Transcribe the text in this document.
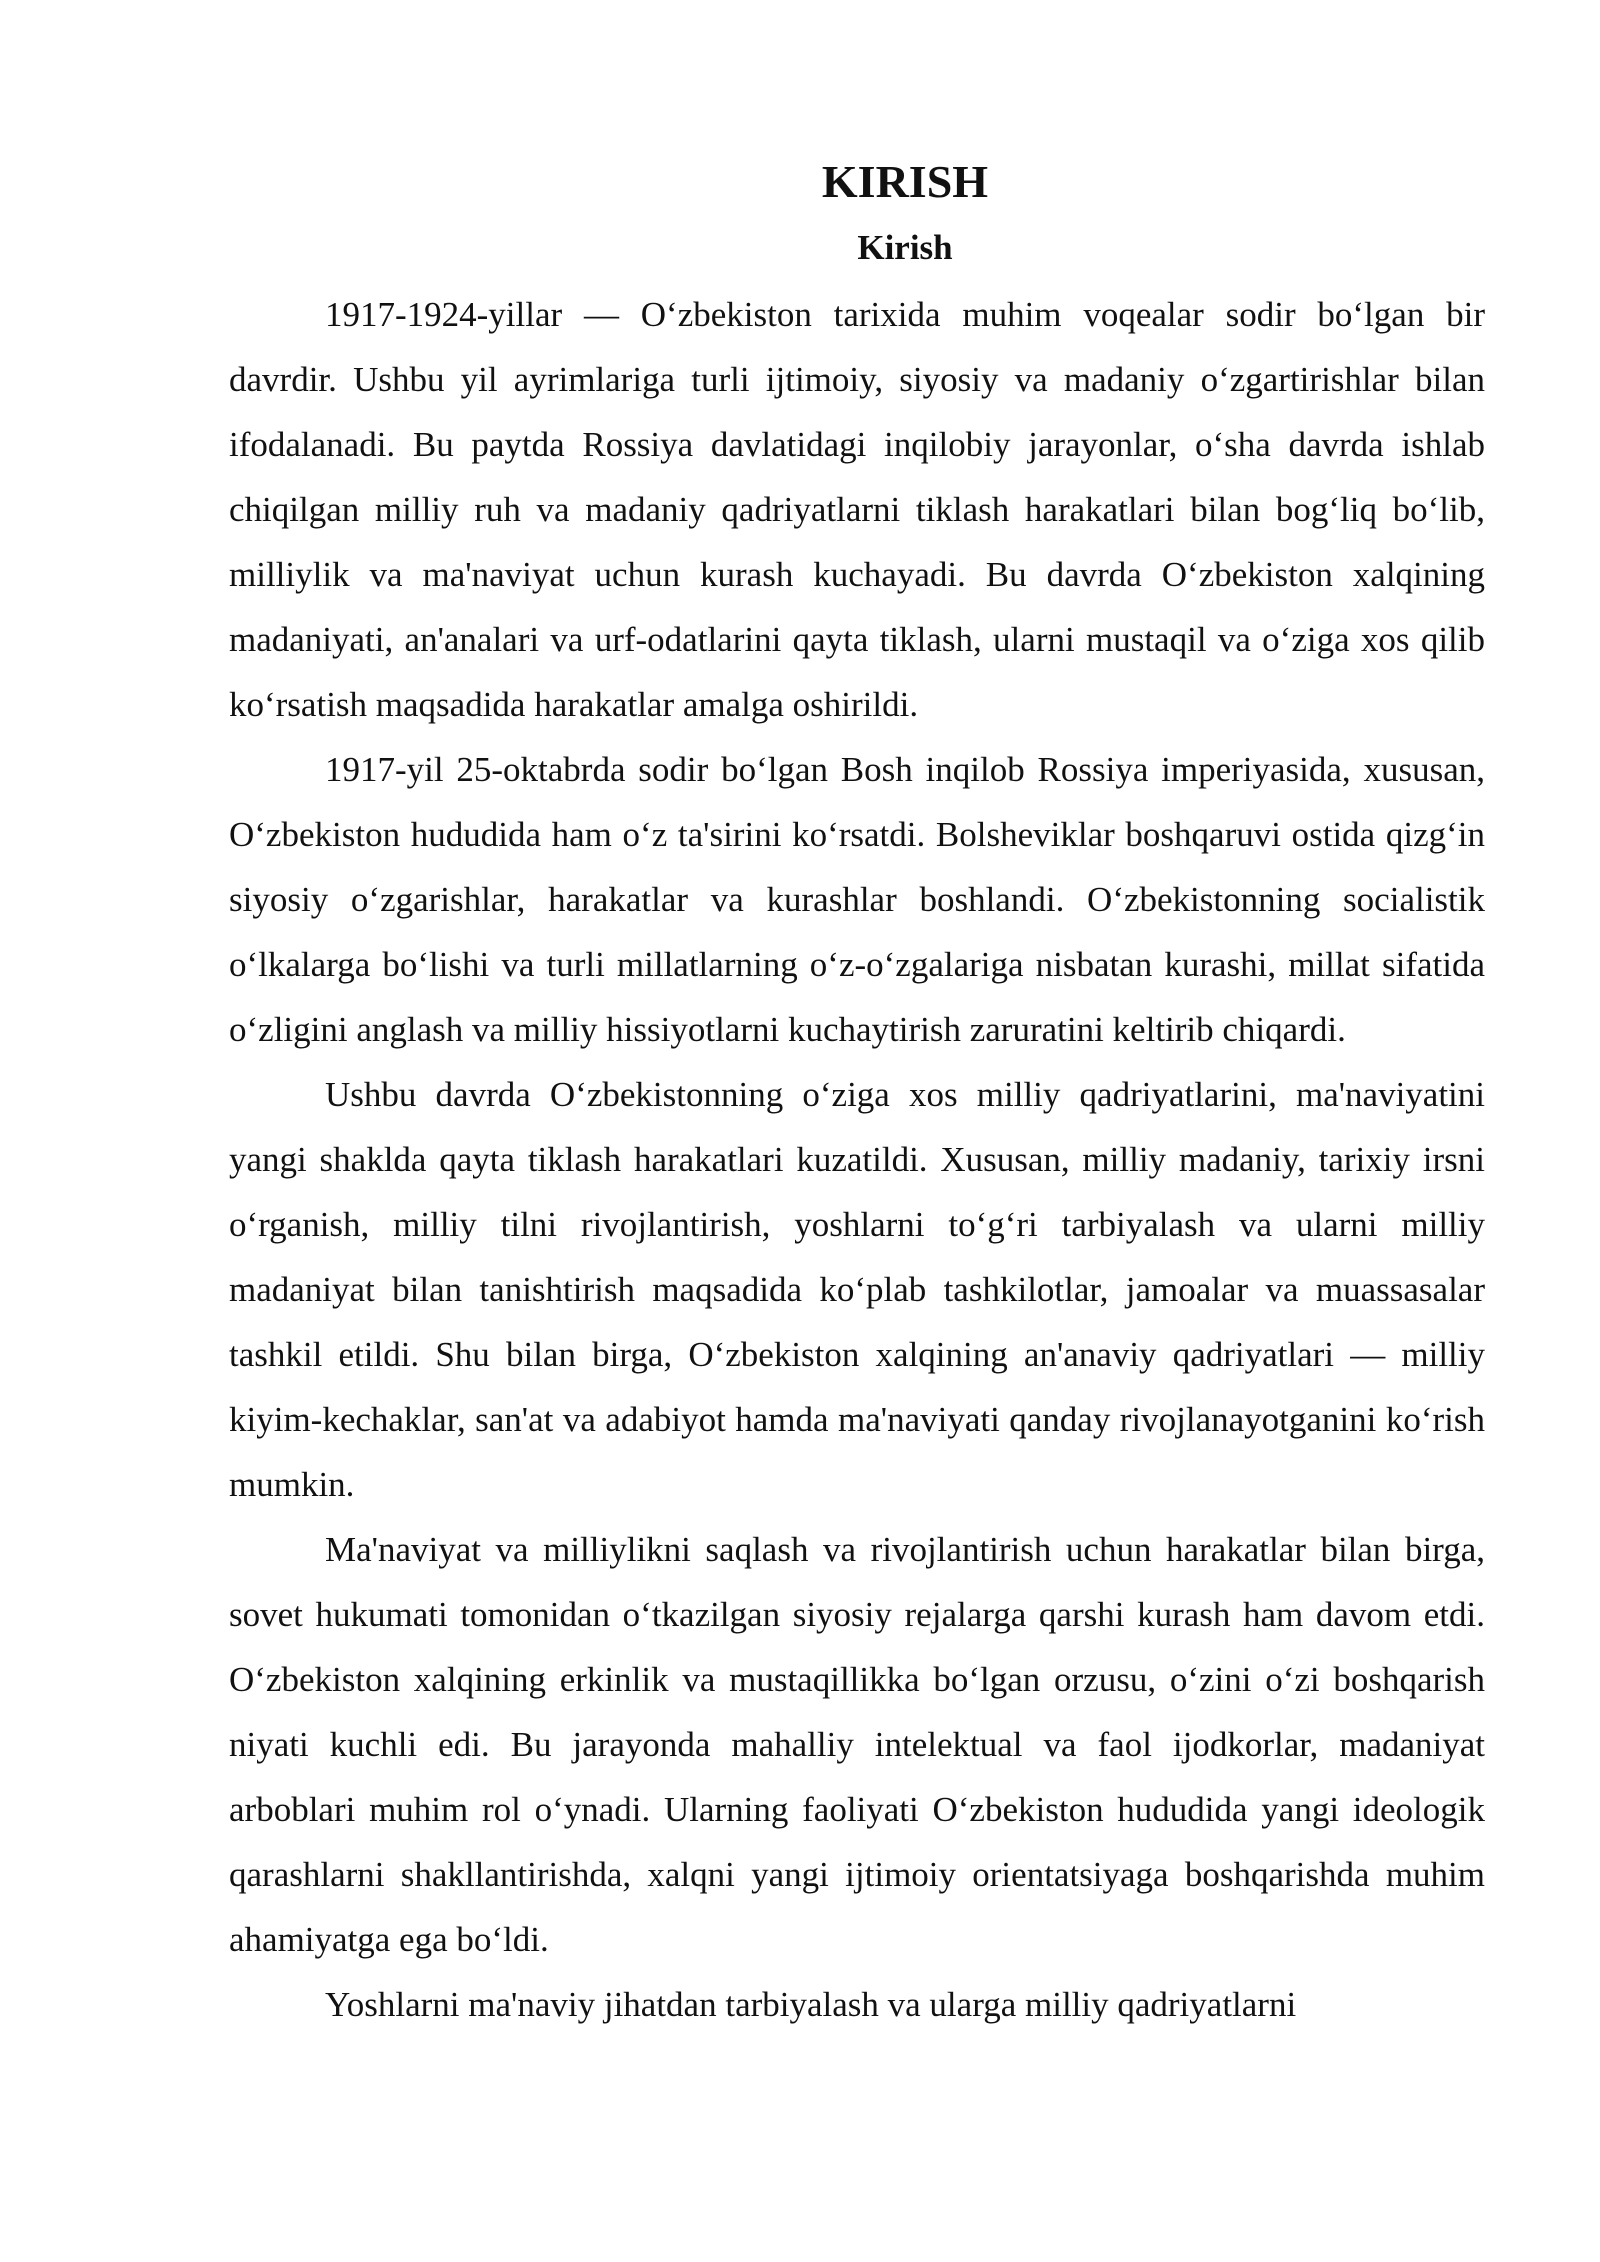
KIRISH
Kirish

1917-1924-yillar — O‘zbekiston tarixida muhim voqealar sodir bo‘lgan bir davrdir. Ushbu yil ayrimlariga turli ijtimoiy, siyosiy va madaniy o‘zgartirishlar bilan ifodalanadi. Bu paytda Rossiya davlatidagi inqilobiy jarayonlar, o‘sha davrda ishlab chiqilgan milliy ruh va madaniy qadriyatlarni tiklash harakatlari bilan bog‘liq bo‘lib, milliylik va ma'naviyat uchun kurash kuchayadi. Bu davrda O‘zbekiston xalqining madaniyati, an'analari va urf-odatlarini qayta tiklash, ularni mustaqil va o‘ziga xos qilib ko‘rsatish maqsadida harakatlar amalga oshirildi.

1917-yil 25-oktabrda sodir bo‘lgan Bosh inqilob Rossiya imperiyasida, xususan, O‘zbekiston hududida ham o‘z ta'sirini ko‘rsatdi. Bolsheviklar boshqaruvi ostida qizg‘in siyosiy o‘zgarishlar, harakatlar va kurashlar boshlandi. O‘zbekistonning socialistik o‘lkalarga bo‘lishi va turli millatlarning o‘z-o‘zgalariga nisbatan kurashi, millat sifatida o‘zligini anglash va milliy hissiyotlarni kuchaytirish zaruratini keltirib chiqardi.

Ushbu davrda O‘zbekistonning o‘ziga xos milliy qadriyatlarini, ma'naviyatini yangi shaklda qayta tiklash harakatlari kuzatildi. Xususan, milliy madaniy, tarixiy irsni o‘rganish, milliy tilni rivojlantirish, yoshlarni to‘g‘ri tarbiyalash va ularni milliy madaniyat bilan tanishtirish maqsadida ko‘plab tashkilotlar, jamoalar va muassasalar tashkil etildi. Shu bilan birga, O‘zbekiston xalqining an'anaviy qadriyatlari — milliy kiyim-kechaklar, san'at va adabiyot hamda ma'naviyati qanday rivojlanayotganini ko‘rish mumkin.

Ma'naviyat va milliylikni saqlash va rivojlantirish uchun harakatlar bilan birga, sovet hukumati tomonidan o‘tkazilgan siyosiy rejalarga qarshi kurash ham davom etdi. O‘zbekiston xalqining erkinlik va mustaqillikka bo‘lgan orzusu, o‘zini o‘zi boshqarish niyati kuchli edi. Bu jarayonda mahalliy intelektual va faol ijodkorlar, madaniyat arboblari muhim rol o‘ynadi. Ularning faoliyati O‘zbekiston hududida yangi ideologik qarashlarni shakllantirishda, xalqni yangi ijtimoiy orientatsiyaga boshqarishda muhim ahamiyatga ega bo‘ldi.

Yoshlarni ma'naviy jihatdan tarbiyalash va ularga milliy qadriyatlarni
